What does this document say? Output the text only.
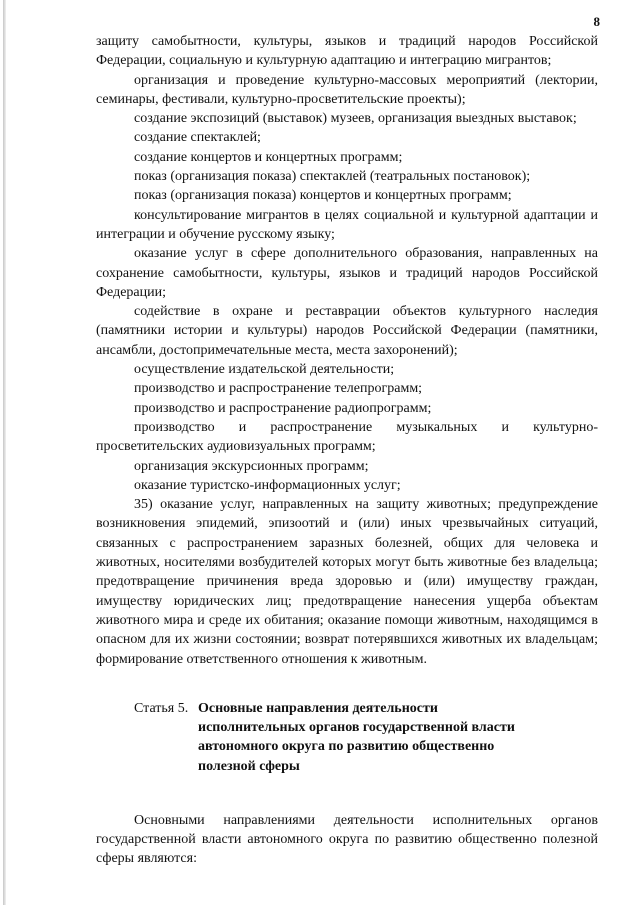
8

защиту самобытности, культуры, языков и традиций народов Российской Федерации, социальную и культурную адаптацию и интеграцию мигрантов;

организация и проведение культурно-массовых мероприятий (лектории, семинары, фестивали, культурно-просветительские проекты);

создание экспозиций (выставок) музеев, организация выездных выставок;

создание спектаклей;

создание концертов и концертных программ;

показ (организация показа) спектаклей (театральных постановок);

показ (организация показа) концертов и концертных программ;

консультирование мигрантов в целях социальной и культурной адаптации и интеграции и обучение русскому языку;

оказание услуг в сфере дополнительного образования, направленных на сохранение самобытности, культуры, языков и традиций народов Российской Федерации;

содействие в охране и реставрации объектов культурного наследия (памятники истории и культуры) народов Российской Федерации (памятники, ансамбли, достопримечательные места, места захоронений);

осуществление издательской деятельности;

производство и распространение телепрограмм;

производство и распространение радиопрограмм;

производство и распространение музыкальных и культурно-просветительских аудиовизуальных программ;

организация экскурсионных программ;

оказание туристско-информационных услуг;

35) оказание услуг, направленных на защиту животных; предупреждение возникновения эпидемий, эпизоотий и (или) иных чрезвычайных ситуаций, связанных с распространением заразных болезней, общих для человека и животных, носителями возбудителей которых могут быть животные без владельца; предотвращение причинения вреда здоровью и (или) имуществу граждан, имуществу юридических лиц; предотвращение нанесения ущерба объектам животного мира и среде их обитания; оказание помощи животным, находящимся в опасном для их жизни состоянии; возврат потерявшихся животных их владельцам; формирование ответственного отношения к животным.

Статья 5. Основные направления деятельности
исполнительных органов государственной власти
автономного округа по развитию общественно
полезной сферы

Основными направлениями деятельности исполнительных органов государственной власти автономного округа по развитию общественно полезной сферы являются:
